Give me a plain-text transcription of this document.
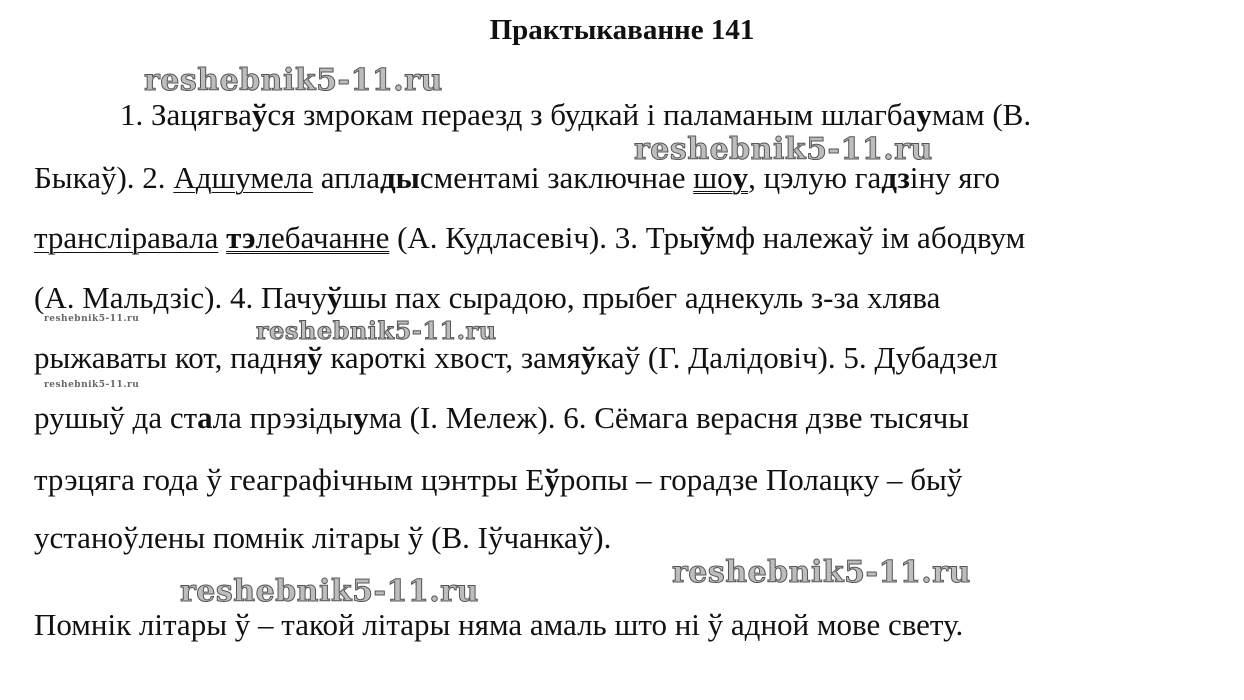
Практыкаванне 141
1. Зацягваўся змрокам пераезд з будкай і паламаным шлагбаумам (В.
Быкаў). 2. Адшумела апладысментамі заключнае шоу, цэлую гадзіну яго
трансліравала тэлебачанне (А. Кудласевіч). 3. Трыўмф належаў ім абодвум
(А. Мальдзіс). 4. Пачуўшы пах сырадою, прыбег аднекуль з-за хлява
рыжаваты кот, падняў кароткі хвост, замяўкаў (Г. Далідовіч). 5. Дубадзел
рушыў да стала прэзідыума (І. Мележ). 6. Сёмага верасня дзве тысячы
трэцяга года ў геаграфічным цэнтры Еўропы – горадзе Полацку – быў
устаноўлены помнік літары ў (В. Іўчанкаў).
Помнік літары ў – такой літары няма амаль што ні ў адной мове свету.
reshebnik5-11.ru
reshebnik5-11.ru
reshebnik5-11.ru
reshebnik5-11.ru
reshebnik5-11.ru
reshebnik5-11.ru
reshebnik5-11.ru
